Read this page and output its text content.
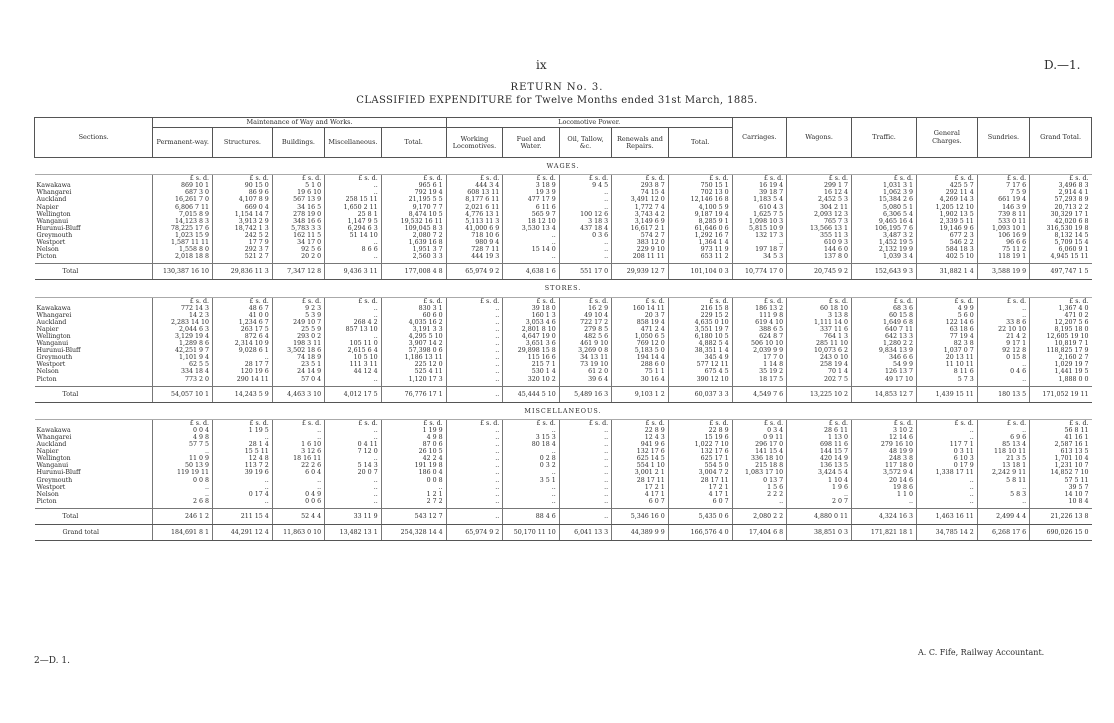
ix	D.—1.
RETURN No. 3.
CLASSIFIED EXPENDITURE for Twelve Months ended 31st March, 1885.
Sections.	Maintenance of Way and Works.					Locomotive Power.					Carriages.	Wagons.	Traffic.	General Charges.	Sundries.	Grand Total.
	Permanent-way.	Structures.	Buildings.	Miscellaneous.	Total.	Working Locomotives.	Fuel and Water.	Oil, Tallow, &c.	Renewals and Repairs.	Total.						
WAGES.																
	£ s. d.	£ s. d.	£ s. d.	£ s. d.	£ s. d.	£ s. d.	£ s. d.	£ s. d.	£ s. d.	£ s. d.	£ s. d.	£ s. d.	£ s. d.	£ s. d.	£ s. d.	£ s. d.
Kawakawa	869 10 1	90 15 0	5 1 0	..	965 6 1	444 3 4	3 18 9	9 4 5	293 8 7	750 15 1	16 19 4	299 1 7	1,031 3 1	425 5 7	7 17 6	3,496 8 3
Whangarei	687 3 0	86 9 6	19 6 10	..	792 19 4	608 13 11	19 3 9	..	74 15 4	702 13 0	39 18 7	16 12 4	1,062 3 9	292 11 4	7 5 9	2,914 4 1
Auckland	16,261 7 0	4,107 8 9	567 13 9	258 15 11	21,195 5 5	8,177 6 11	477 17 9	..	3,491 12 0	12,146 16 8	1,183 5 4	2,452 5 3	15,384 2 6	4,269 14 3	661 19 4	57,293 8 9
Napier	6,806 7 11	669 0 4	34 16 5	1,650 2 11	9,170 7 7	2,021 6 11	6 11 6	..	1,772 7 4	4,100 5 9	610 4 3	304 2 11	5,080 5 1	1,205 12 10	146 3 9	20,713 2 2
Wellington	7,015 8 9	1,154 14 7	278 19 0	25 8 1	8,474 10 5	4,776 13 1	565 9 7	100 12 6	3,743 4 2	9,187 19 4	1,625 7 5	2,093 12 3	6,306 5 4	1,902 13 5	739 8 11	30,329 17 1
Wanganui	14,123 8 3	3,913 2 9	348 16 6	1,147 9 5	19,532 16 11	5,113 11 3	18 12 10	3 18 3	3,149 6 9	8,285 9 1	1,098 10 3	765 7 3	9,465 16 4	2,339 5 11	533 0 11	42,020 6 8
Hurunui-Bluff	78,225 17 6	18,742 1 3	5,783 3 3	6,294 6 3	109,045 8 3	41,000 6 9	3,530 13 4	437 18 4	16,617 2 1	61,646 0 6	5,815 10 9	13,566 13 1	106,195 7 6	19,146 9 6	1,093 10 1	316,530 19 8
Greymouth	1,023 15 9	242 5 2	162 11 5	51 14 10	2,080 7 2	718 10 6	..	0 3 6	574 2 7	1,292 16 7	132 17 3	355 11 3	3,487 3 2	677 2 3	106 16 9	8,132 14 5
Westport	1,587 11 11	17 7 9	34 17 0	..	1,639 16 8	980 9 4	..	..	383 12 0	1,364 1 4	..	610 9 3	1,452 19 5	546 2 2	96 6 6	5,709 15 4
Nelson	1,558 8 0	292 3 7	92 5 6	8 6 6	1,951 3 7	728 7 11	15 14 0	..	229 9 10	973 11 9	197 18 7	144 6 0	2,132 19 9	584 18 3	75 11 2	6,060 9 1
Picton	2,018 18 8	521 2 7	20 2 0	..	2,560 3 3	444 19 3	..	..	208 11 11	653 11 2	34 5 3	137 8 0	1,039 3 4	402 5 10	118 19 1	4,945 15 11
Total	130,387 16 10	29,836 11 3	7,347 12 8	9,436 3 11	177,008 4 8	65,974 9 2	4,638 1 6	551 17 0	29,939 12 7	101,104 0 3	10,774 17 0	20,745 9 2	152,643 9 3	31,882 1 4	3,588 19 9	497,747 1 5
STORES.																
	£ s. d.	£ s. d.	£ s. d.	£ s. d.	£ s. d.	£ s. d.	£ s. d.	£ s. d.	£ s. d.	£ s. d.	£ s. d.	£ s. d.	£ s. d.	£ s. d.	£ s. d.	£ s. d.
Kawakawa	772 14 3	48 6 7	9 2 3	..	830 3 1	..	39 18 0	16 2 9	160 14 11	216 15 8	186 13 2	60 18 10	68 3 6	4 9 9	..	1,367 4 0
Whangarei	14 2 3	41 0 0	5 3 9	..	60 6 0	..	160 1 3	49 10 4	20 3 7	229 15 2	111 9 8	3 13 8	60 15 8	5 6 0	..	471 0 2
Auckland	2,283 14 10	1,234 6 7	249 10 7	268 4 2	4,035 16 2	..	3,053 4 6	722 17 2	858 19 4	4,635 0 10	619 4 10	1,111 14 0	1,649 6 8	122 14 6	33 8 6	12,207 5 6
Napier	2,044 6 3	263 17 5	25 5 9	857 13 10	3,191 3 3	..	2,801 8 10	279 8 5	471 2 4	3,551 19 7	388 6 5	337 11 6	640 7 11	63 18 6	22 10 10	8,195 18 0
Wellington	3,129 19 4	872 6 4	293 0 2	..	4,295 5 10	..	4,647 19 0	482 5 6	1,050 6 5	6,180 10 5	624 8 7	764 1 3	642 13 3	77 19 4	21 4 2	12,605 19 10
Wanganui	1,289 8 6	2,314 10 9	198 3 11	105 11 0	3,907 14 2	..	3,651 3 6	461 9 10	769 12 0	4,882 5 4	506 10 10	285 11 10	1,280 2 2	82 3 8	9 17 1	10,819 7 1
Hurunui-Bluff	42,251 9 7	9,028 6 1	3,502 18 6	2,615 6 4	57,398 0 6	..	29,898 15 8	3,269 0 8	5,183 5 0	38,351 1 4	2,039 9 9	10,073 6 2	9,834 13 9	1,037 0 7	92 12 8	118,825 17 9
Greymouth	1,101 9 4	..	74 18 9	10 5 10	1,186 13 11	..	115 16 6	34 13 11	194 14 4	345 4 9	17 7 0	243 0 10	346 6 6	20 13 11	0 15 8	2,160 2 7
Westport	62 5 5	28 17 7	23 5 1	111 3 11	225 12 0	..	215 7 1	73 19 10	288 6 0	577 12 11	1 14 8	258 19 4	54 9 9	11 10 11	..	1,029 19 7
Nelson	334 18 4	120 19 6	24 14 9	44 12 4	525 4 11	..	530 1 4	61 2 0	75 1 1	675 4 5	35 19 2	70 1 4	126 13 7	8 11 6	0 4 6	1,441 19 5
Picton	773 2 0	290 14 11	57 0 4	..	1,120 17 3	..	320 10 2	39 6 4	30 16 4	390 12 10	18 17 5	202 7 5	49 17 10	5 7 3	..	1,888 0 0
Total	54,057 10 1	14,243 5 9	4,463 3 10	4,012 17 5	76,776 17 1	..	45,444 5 10	5,489 16 3	9,103 1 2	60,037 3 3	4,549 7 6	13,225 10 2	14,853 12 7	1,439 15 11	180 13 5	171,052 19 11
MISCELLANEOUS.																
	£ s. d.	£ s. d.	£ s. d.	£ s. d.	£ s. d.	£ s. d.	£ s. d.	£ s. d.	£ s. d.	£ s. d.	£ s. d.	£ s. d.	£ s. d.	£ s. d.	£ s. d.	£ s. d.
Kawakawa	0 0 4	1 19 5	..	..	1 19 9	..	..	..	22 8 9	22 8 9	0 3 4	28 6 11	3 10 2	..	..	56 8 11
Whangarei	4 9 8	..	..	..	4 9 8	..	3 15 3	..	12 4 3	15 19 6	0 9 11	1 13 0	12 14 6	..	6 9 6	41 16 1
Auckland	57 7 5	28 1 4	1 6 10	0 4 11	87 0 6	..	80 18 4	..	941 9 6	1,022 7 10	296 17 0	698 11 6	279 16 10	117 7 1	85 13 4	2,587 16 1
Napier	..	15 5 11	3 12 6	7 12 0	26 10 5	..	..	..	132 17 6	132 17 6	141 15 4	144 15 7	48 19 9	0 3 11	118 10 11	613 13 5
Wellington	11 0 9	12 4 8	18 16 11	..	42 2 4	..	0 2 8	..	625 14 5	625 17 1	336 18 10	420 14 9	248 3 8	6 10 3	21 3 5	1,701 10 4
Wanganui	50 13 9	113 7 2	22 2 6	5 14 3	191 19 8	..	0 3 2	..	554 1 10	554 5 0	215 18 8	136 13 5	117 18 0	0 17 9	13 18 1	1,231 10 7
Hurunui-Bluff	119 19 11	39 19 6	6 0 4	20 0 7	186 0 4	..	..	..	3,001 2 1	3,004 7 2	1,083 17 10	3,424 5 4	3,572 9 4	1,338 17 11	2,242 9 11	14,852 7 10
Greymouth	0 0 8	..	..	..	0 0 8	..	3 5 1	..	28 17 11	28 17 11	0 13 7	1 10 4	20 14 6	..	5 8 11	57 5 11
Westport	..	..	..	..	..	..	..	..	17 2 1	17 2 1	1 5 6	1 9 6	19 8 6	..	..	39 5 7
Nelson	..	0 17 4	0 4 9	..	1 2 1	..	..	..	4 17 1	4 17 1	2 2 2	..	1 1 0	..	5 8 3	14 10 7
Picton	2 6 8	..	0 0 6	..	2 7 2	..	..	..	6 0 7	6 0 7	..	2 0 7	..	..	..	10 8 4
Total	246 1 2	211 15 4	52 4 4	33 11 9	543 12 7	..	88 4 6	..	5,346 16 0	5,435 0 6	2,080 2 2	4,880 0 11	4,324 16 3	1,463 16 11	2,499 4 4	21,226 13 8
Grand total	184,691 8 1	44,291 12 4	11,863 0 10	13,482 13 1	254,328 14 4	65,974 9 2	50,170 11 10	6,041 13 3	44,389 9 9	166,576 4 0	17,404 6 8	38,851 0 3	171,821 18 1	34,785 14 2	6,268 17 6	690,026 15 0
2—D. 1.
A. C. Fife, Railway Accountant.
